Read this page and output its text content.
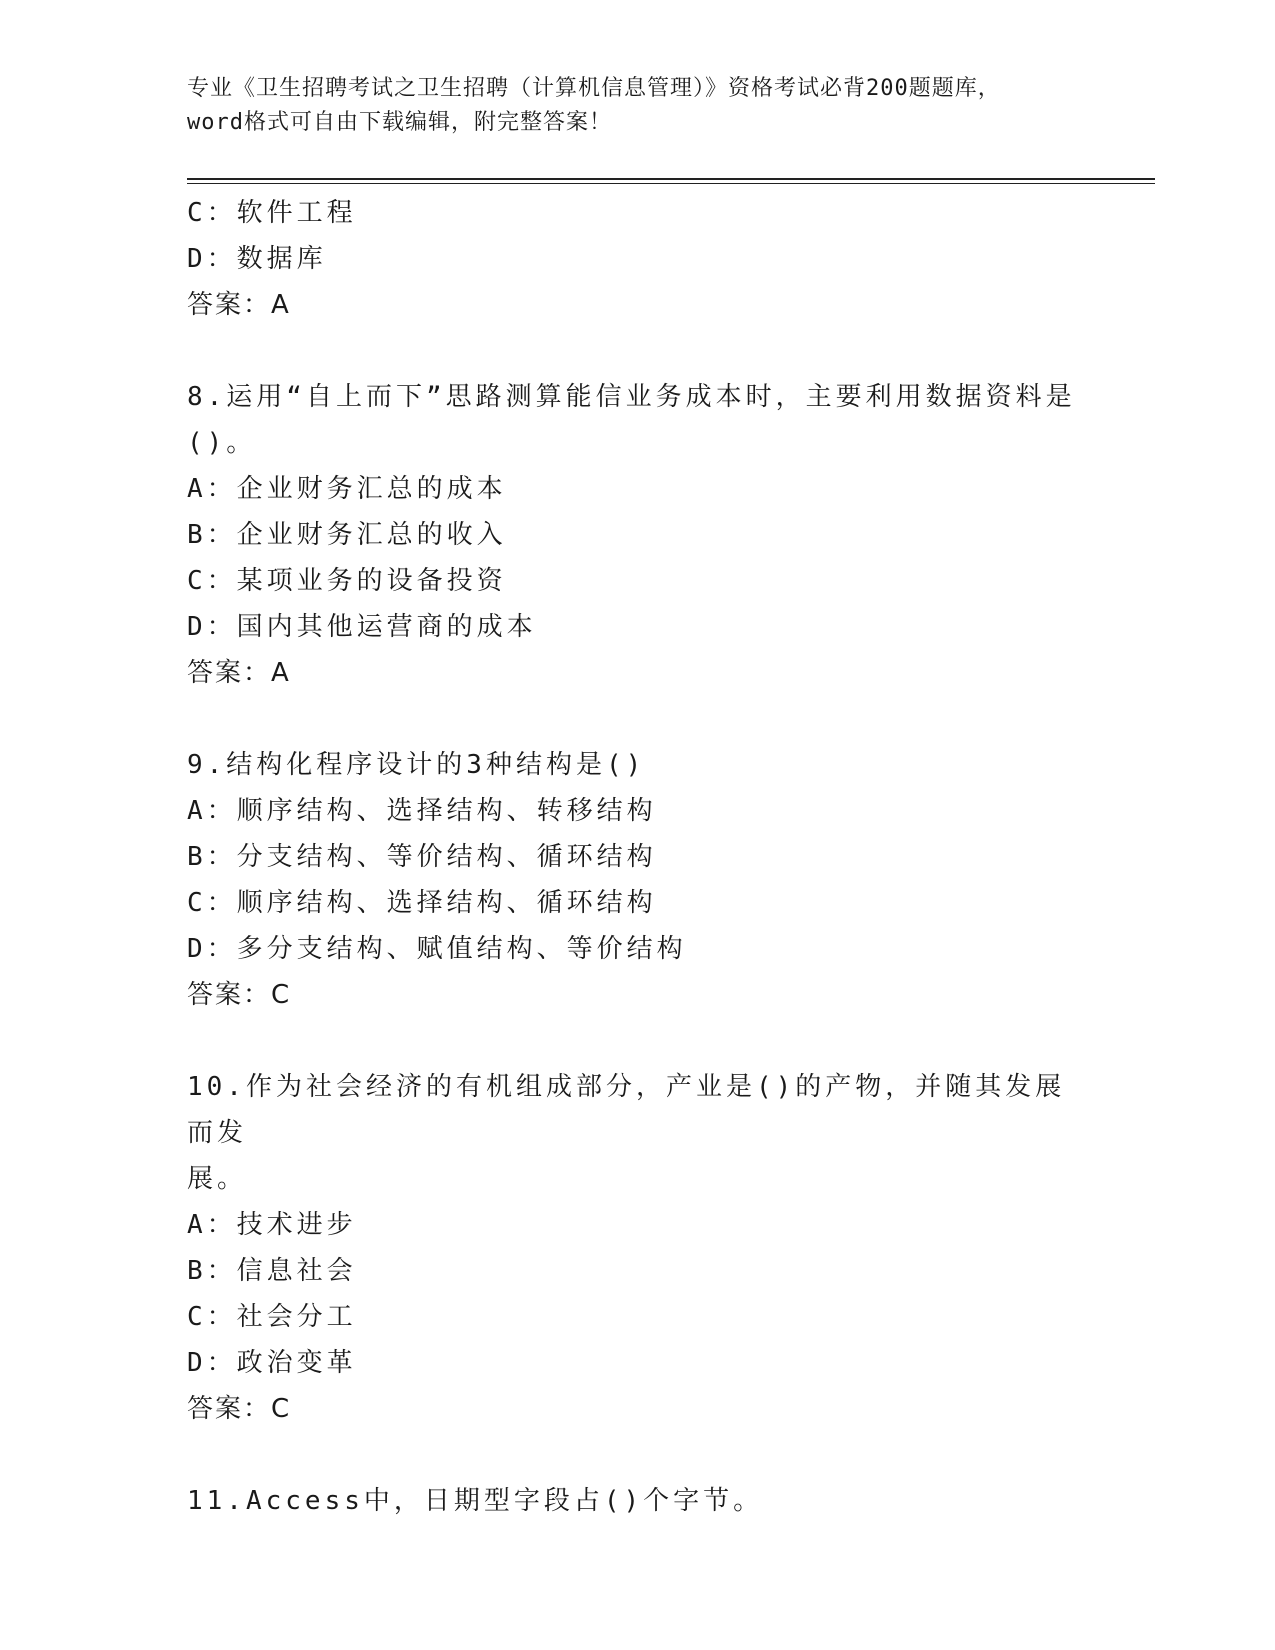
专业《卫生招聘考试之卫生招聘（计算机信息管理）》资格考试必背200题题库，
word格式可自由下载编辑，附完整答案！
C：软件工程
D：数据库
答案：A
8.运用“自上而下”思路测算能信业务成本时，主要利用数据资料是
()。
A：企业财务汇总的成本
B：企业财务汇总的收入
C：某项业务的设备投资
D：国内其他运营商的成本
答案：A
9.结构化程序设计的3种结构是()
A：顺序结构、选择结构、转移结构
B：分支结构、等价结构、循环结构
C：顺序结构、选择结构、循环结构
D：多分支结构、赋值结构、等价结构
答案：C
10.作为社会经济的有机组成部分，产业是()的产物，并随其发展而发
展。
A：技术进步
B：信息社会
C：社会分工
D：政治变革
答案：C
11.Access中，日期型字段占()个字节。
